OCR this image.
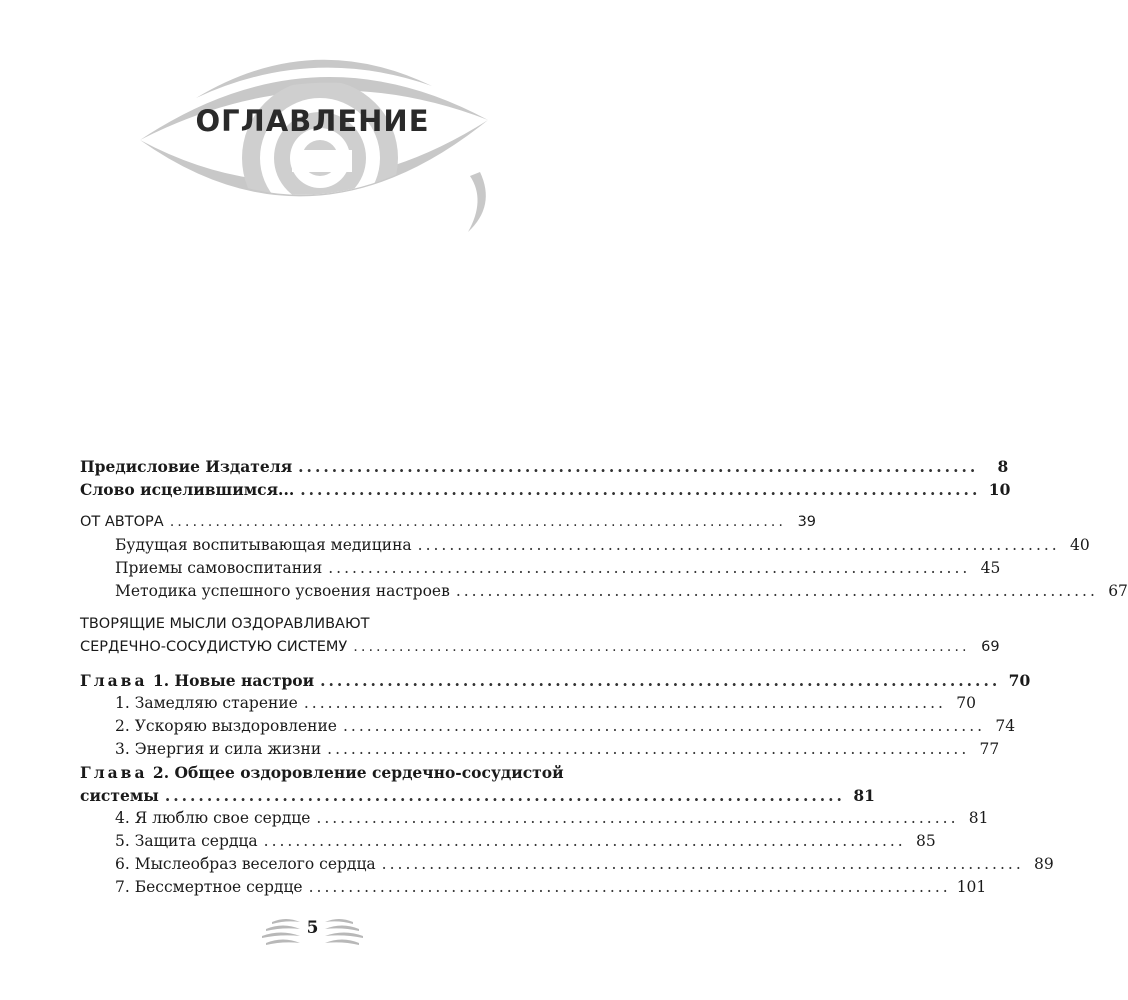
ОГЛАВЛЕНИЕ
Предисловие Издателя .................................................................................	8
Слово исцелившимся... ................................................................................. 10
ОТ АВТОРА ................................................................................. 39
Будущая воспитывающая медицина ................................................................................. 40
Приемы самовоспитания ................................................................................. 45
Методика успешного усвоения настроев ................................................................................. 67
ТВОРЯЩИЕ МЫСЛИ ОЗДОРАВЛИВАЮТ
СЕРДЕЧНО-СОСУДИСТУЮ СИСТЕМУ ................................................................................. 69
Глава 1. Новые настрои ................................................................................. 70
1. Замедляю старение ................................................................................. 70
2. Ускоряю выздоровление ................................................................................. 74
3. Энергия и сила жизни ................................................................................. 77
Глава 2. Общее оздоровление сердечно-сосудистой
системы ................................................................................. 81
4. Я люблю свое сердце ................................................................................. 81
5. Защита сердца ................................................................................. 85
6. Мыслеобраз веселого сердца ................................................................................. 89
7. Бессмертное сердце ................................................................................. 101
5
